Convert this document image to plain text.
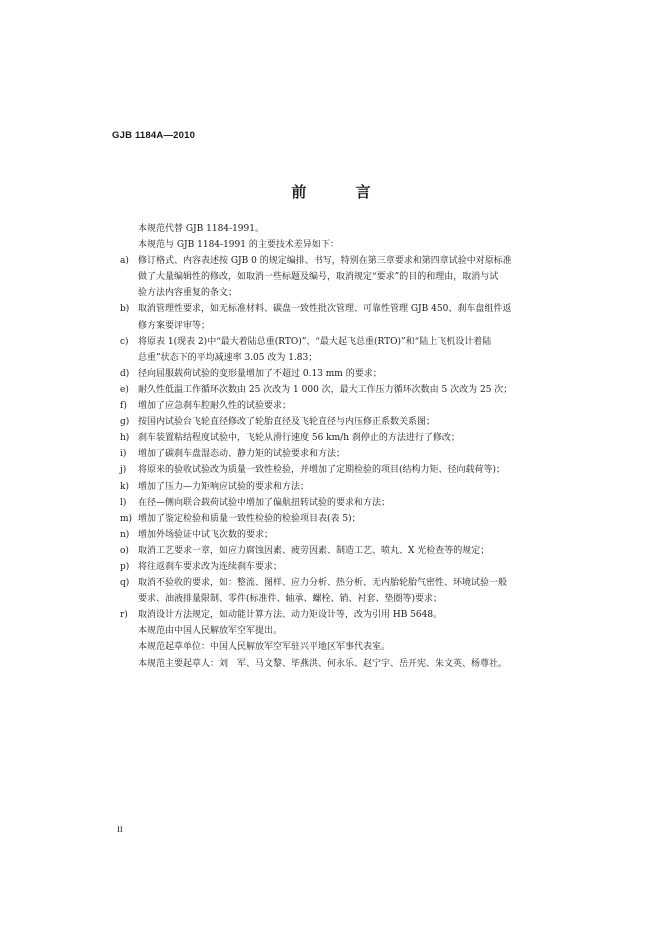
GJB 1184A—2010
前 言

本规范代替 GJB 1184-1991。

本规范与 GJB 1184-1991 的主要技术差异如下：

a)	修订格式、内容表述按 GJB 0 的规定编排、书写，特别在第三章要求和第四章试验中对原标准
做了大量编辑性的修改，如取消一些标题及编号，取消规定“要求”的目的和理由，取消与试
验方法内容重复的条文；
b) 取消管理性要求，如无标准材料、碳盘一致性批次管理、可靠性管理 GJB 450、刹车盘组件返
修方案要评审等；
c)	将原表 1(现表 2)中“最大着陆总重(RTO)”、“最大起飞总重(RTO)”和“陆上飞机设计着陆
总重”状态下的平均减速率 3.05 改为 1.83；
d) 径向屈服载荷试验的变形量增加了不超过 0.13 mm 的要求；
e)	耐久性低温工作循环次数由 25 次改为 1 000 次，最大工作压力循环次数由 5 次改为 25 次；
f)	增加了应急刹车腔耐久性的试验要求；
g) 按国内试验台飞轮直径修改了轮胎直径及飞轮直径与内压修正系数关系图；
h) 刹车装置粘结程度试验中，飞轮从滑行速度 56 km/h 刹停止的方法进行了修改；
i)	增加了碳刹车盘湿态动、静力矩的试验要求和方法；
j)	将原来的验收试验改为质量一致性检验，并增加了定期检验的项目(结构力矩、径向载荷等)；
k)	增加了压力—力矩响应试验的要求和方法；
l)	在径—侧向联合载荷试验中增加了偏航扭转试验的要求和方法；
m) 增加了鉴定检验和质量一致性检验的检验项目表(表 5)；
n) 增加外场验证中试飞次数的要求；
o)	取消工艺要求一章，如应力腐蚀因素、疲劳因素、制造工艺、喷丸、X 光检查等的规定；
p) 将往返刹车要求改为连续刹车要求；
q) 取消不验收的要求，如：整流、图样、应力分析、热分析、无内胎轮胎气密性、环境试验一般
要求、油液排量限制、零件(标准件、轴承、螺栓、销、衬套、垫圈等)要求；
r)	取消设计方法规定，如动能计算方法、动力矩设计等，改为引用 HB 5648。

本规范由中国人民解放军空军提出。

本规范起草单位：中国人民解放军空军驻兴平地区军事代表室。

本规范主要起草人：刘　军、马文黎、毕燕洪、何永乐、赵宁宇、岳开宪、朱文英、杨尊社。

II
